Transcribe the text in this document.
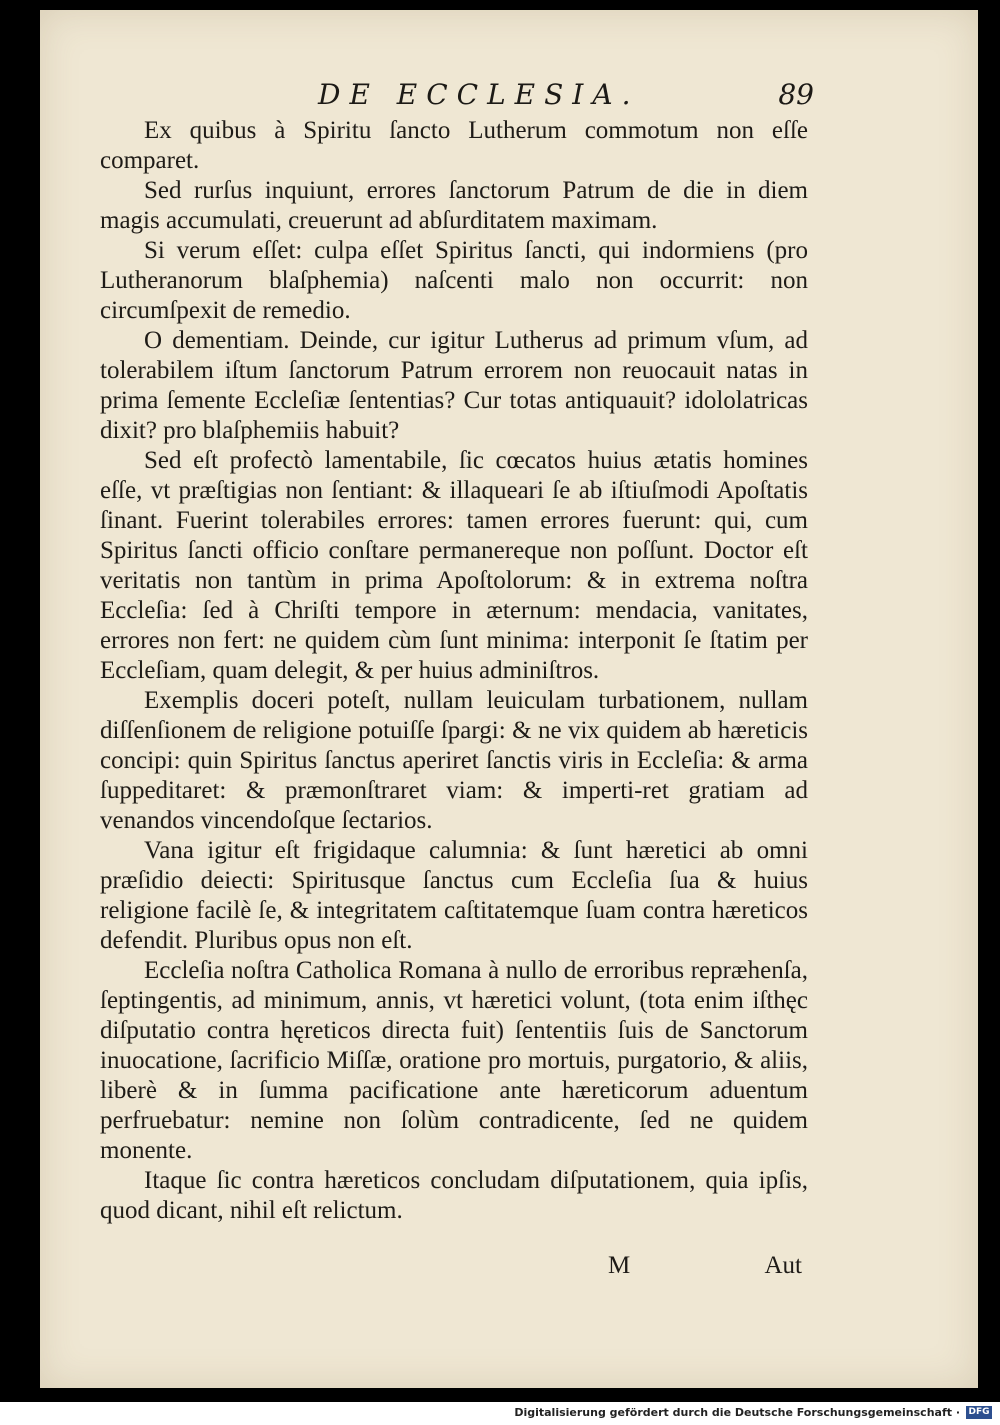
DE ECCLESIA.	89

Ex quibus à Spiritu ſancto Lutherum commotum non eſſe comparet.

Sed rurſus inquiunt, errores ſanctorum Patrum de die in diem magis accumulati, creuerunt ad abſurditatem maximam.

Si verum eſſet: culpa eſſet Spiritus ſancti, qui indormiens (pro Lutheranorum blaſphemia) naſcenti malo non occurrit: non circumſpexit de remedio.

O dementiam. Deinde, cur igitur Lutherus ad primum vſum, ad tolerabilem iſtum ſanctorum Patrum errorem non reuocauit natas in prima ſemente Eccleſiæ ſententias? Cur totas antiquauit? idololatricas dixit? pro blaſphemiis habuit?

Sed eſt profectò lamentabile, ſic cœcatos huius ætatis homines eſſe, vt præſtigias non ſentiant: & illaqueari ſe ab iſtiuſmodi Apoſtatis ſinant. Fuerint tolerabiles errores: tamen errores fuerunt: qui, cum Spiritus ſancti officio conſtare permanereque non poſſunt. Doctor eſt veritatis non tantùm in prima Apoſtolorum: & in extrema noſtra Eccleſia: ſed à Chriſti tempore in æternum: mendacia, vanitates, errores non fert: ne quidem cùm ſunt minima: interponit ſe ſtatim per Eccleſiam, quam delegit, & per huius adminiſtros.

Exemplis doceri poteſt, nullam leuiculam turbationem, nullam diſſenſionem de religione potuiſſe ſpargi: & ne vix quidem ab hæreticis concipi: quin Spiritus ſanctus aperiret ſanctis viris in Eccleſia: & arma ſuppeditaret: & præmonſtraret viam: & imperti-ret gratiam ad venandos vincendoſque ſectarios.

Vana igitur eſt frigidaque calumnia: & ſunt hæretici ab omni præſidio deiecti: Spiritusque ſanctus cum Eccleſia ſua & huius religione facilè ſe, & integritatem caſtitatemque ſuam contra hæreticos defendit. Pluribus opus non eſt.

Eccleſia noſtra Catholica Romana à nullo de erroribus repræhenſa, ſeptingentis, ad minimum, annis, vt hæretici volunt, (tota enim iſthęc diſputatio contra hęreticos directa fuit) ſententiis ſuis de Sanctorum inuocatione, ſacrificio Miſſæ, oratione pro mortuis, purgatorio, & aliis, liberè & in ſumma pacificatione ante hæreticorum aduentum perfruebatur: nemine non ſolùm contradicente, ſed ne quidem monente.

Itaque ſic contra hæreticos concludam diſputationem, quia ipſis, quod dicant, nihil eſt relictum.

M	Aut
Digitalisierung gefördert durch die Deutsche Forschungsgemeinschaft · DFG
